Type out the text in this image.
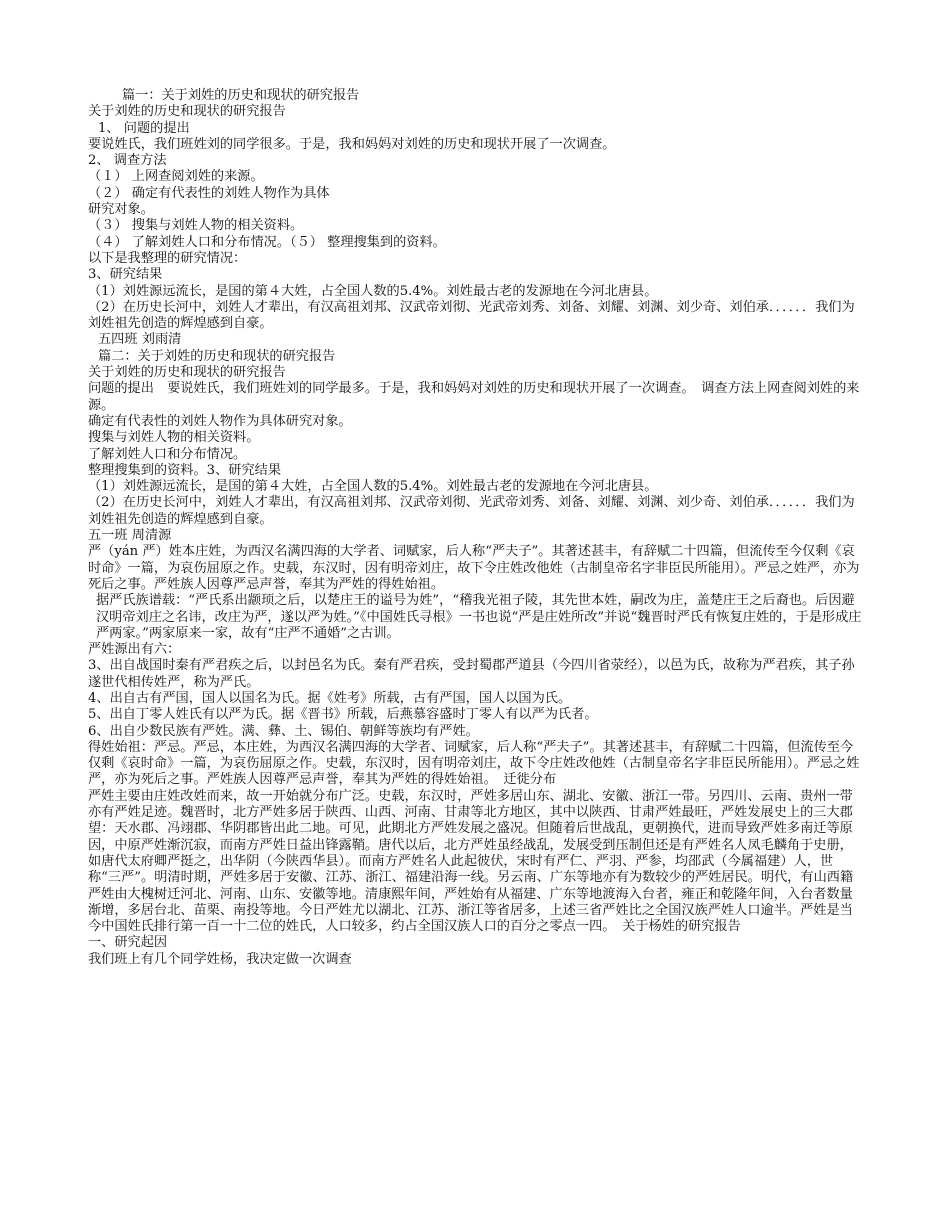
篇一：关于刘姓的历史和现状的研究报告

关于刘姓的历史和现状的研究报告

1、 问题的提出

要说姓氏，我们班姓刘的同学很多。于是，我和妈妈对刘姓的历史和现状开展了一次调查。

2、 调查方法

（１） 上网查阅刘姓的来源。

（２） 确定有代表性的刘姓人物作为具体

研究对象。

（３） 搜集与刘姓人物的相关资料。

（４） 了解刘姓人口和分布情况。（５） 整理搜集到的资料。

以下是我整理的研究情况：

3、研究结果

（1）刘姓源远流长，是国的第４大姓，占全国人数的5.4%。刘姓最古老的发源地在今河北唐县。

（2）在历史长河中，刘姓人才辈出，有汉高祖刘邦、汉武帝刘彻、光武帝刘秀、刘备、刘耀、刘渊、刘少奇、刘伯承．．．．．．我们为刘姓祖先创造的辉煌感到自豪。

五四班 刘雨清

篇二：关于刘姓的历史和现状的研究报告

关于刘姓的历史和现状的研究报告

问题的提出　要说姓氏，我们班姓刘的同学最多。于是，我和妈妈对刘姓的历史和现状开展了一次调查。　调查方法上网查阅刘姓的来源。

确定有代表性的刘姓人物作为具体研究对象。

搜集与刘姓人物的相关资料。

了解刘姓人口和分布情况。

整理搜集到的资料。3、研究结果

（1）刘姓源远流长，是国的第４大姓，占全国人数的5.4%。刘姓最古老的发源地在今河北唐县。

（2）在历史长河中，刘姓人才辈出，有汉高祖刘邦、汉武帝刘彻、光武帝刘秀、刘备、刘耀、刘渊、刘少奇、刘伯承．．．．．．我们为刘姓祖先创造的辉煌感到自豪。

五一班 周清源

严（yán 严）姓本庄姓，为西汉名满四海的大学者、词赋家，后人称“严夫子”。其著述甚丰，有辞赋二十四篇，但流传至今仅剩《哀时命》一篇，为哀伤屈原之作。史载，东汉时，因有明帝刘庄，故下令庄姓改他姓（古制皇帝名字非臣民所能用）。严忌之姓严，亦为死后之事。严姓族人因尊严忌声誉，奉其为严姓的得姓始祖。

据严氏族谱载：“严氏系出颛顼之后，以楚庄王的谥号为姓”，“稽我光祖子陵，其先世本姓，嗣改为庄，盖楚庄王之后裔也。后因避汉明帝刘庄之名讳，改庄为严，遂以严为姓。”《中国姓氏寻根》一书也说“严是庄姓所改”并说“魏晋时严氏有恢复庄姓的，于是形成庄严两家。”两家原来一家，故有“庄严不通婚”之古训。

严姓源出有六：

3、出自战国时秦有严君疾之后，以封邑名为氏。秦有严君疾，受封蜀郡严道县（今四川省荥经），以邑为氏，故称为严君疾，其子孙遂世代相传姓严，称为严氏。

4、出自古有严国，国人以国名为氏。据《姓考》所载，古有严国，国人以国为氏。

5、出自丁零人姓氏有以严为氏。据《晋书》所载，后燕慕容盛时丁零人有以严为氏者。

6、出自少数民族有严姓。满、彝、土、锡伯、朝鲜等族均有严姓。

得姓始祖：严忌。严忌，本庄姓，为西汉名满四海的大学者、词赋家，后人称“严夫子”。其著述甚丰，有辞赋二十四篇，但流传至今仅剩《哀时命》一篇，为哀伤屈原之作。史载，东汉时，因有明帝刘庄，故下令庄姓改他姓（古制皇帝名字非臣民所能用）。严忌之姓严，亦为死后之事。严姓族人因尊严忌声誉，奉其为严姓的得姓始祖。　迁徙分布

严姓主要由庄姓改姓而来，故一开始就分布广泛。史载，东汉时，严姓多居山东、湖北、安徽、浙江一带。另四川、云南、贵州一带亦有严姓足迹。魏晋时，北方严姓多居于陕西、山西、河南、甘肃等北方地区，其中以陕西、甘肃严姓最旺，严姓发展史上的三大郡望：天水郡、冯翊郡、华阴郡皆出此二地。可见，此期北方严姓发展之盛况。但随着后世战乱，更朝换代，进而导致严姓多南迁等原因，中原严姓渐沉寂，而南方严姓日益出锋露鞘。唐代以后，北方严姓虽经战乱，发展受到压制但还是有严姓名人凤毛麟角于史册，如唐代太府卿严挺之，出华阴（今陕西华县）。而南方严姓名人此起彼伏，宋时有严仁、严羽、严参，均邵武（今属福建）人，世称“三严”。明清时期，严姓多居于安徽、江苏、浙江、福建沿海一线。另云南、广东等地亦有为数较少的严姓居民。明代，有山西籍严姓由大槐树迁河北、河南、山东、安徽等地。清康熙年间，严姓始有从福建、广东等地渡海入台者，雍正和乾隆年间，入台者数量渐增，多居台北、苗栗、南投等地。今日严姓尤以湖北、江苏、浙江等省居多，上述三省严姓比之全国汉族严姓人口逾半。严姓是当今中国姓氏排行第一百一十二位的姓氏，人口较多，约占全国汉族人口的百分之零点一四。　关于杨姓的研究报告

一、研究起因

我们班上有几个同学姓杨，我决定做一次调查
